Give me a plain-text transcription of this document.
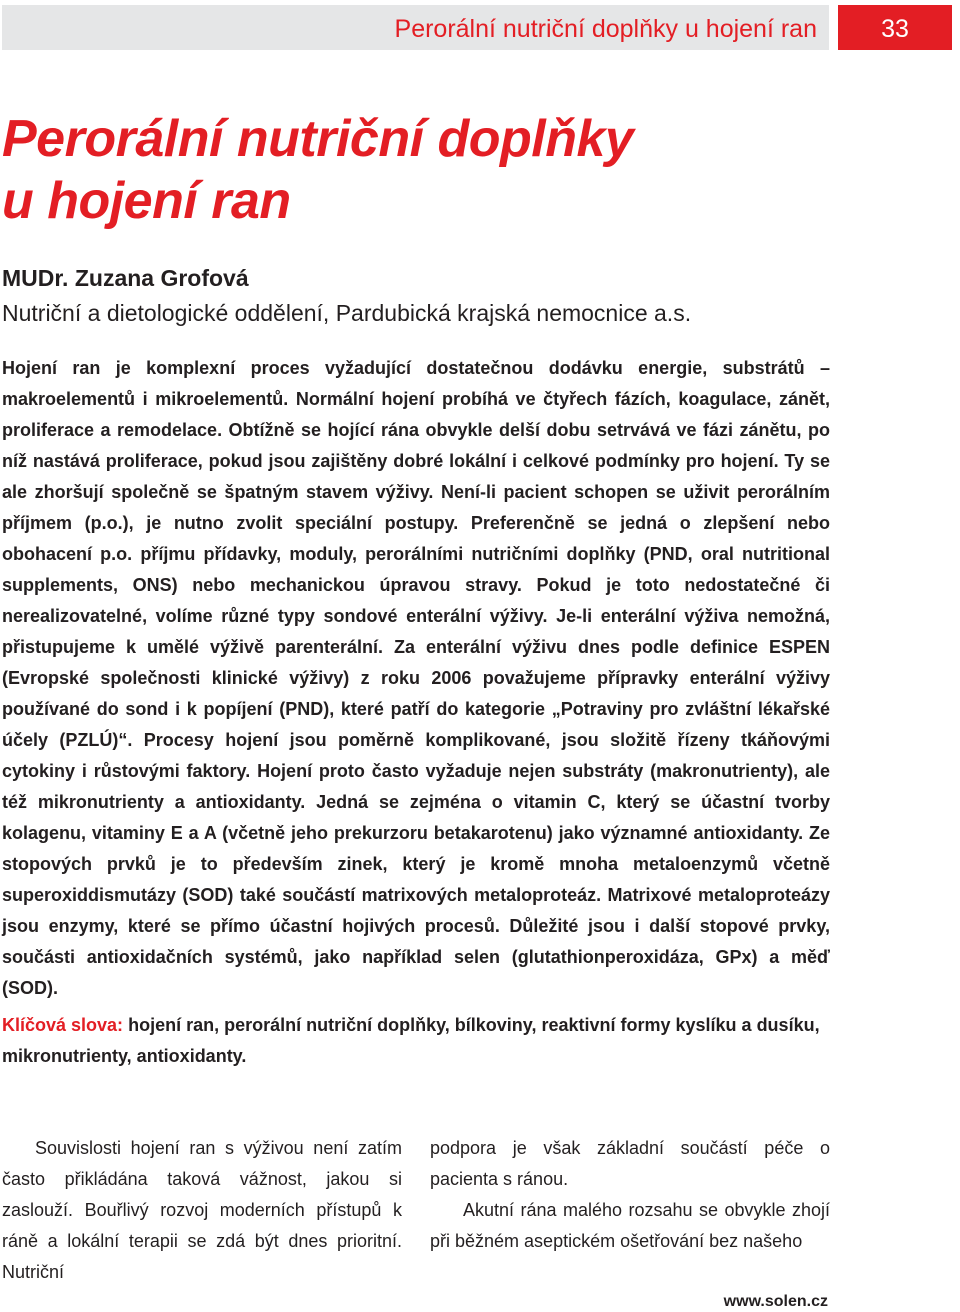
Perorální nutriční doplňky u hojení ran	33
Perorální nutriční doplňky
u hojení ran
MUDr. Zuzana Grofová
Nutriční a dietologické oddělení, Pardubická krajská nemocnice a.s.

Hojení ran je komplexní proces vyžadující dostatečnou dodávku energie, substrátů – makroelementů i mikroelementů. Normální hojení probíhá ve čtyřech fázích, koagulace, zánět, proliferace a remodelace. Obtížně se hojící rána obvykle delší dobu setrvává ve fázi zánětu, po níž nastává proliferace, pokud jsou zajištěny dobré lokální i celkové podmínky pro hojení. Ty se ale zhoršují společně se špatným stavem výživy. Není-li pacient schopen se uživit perorálním příjmem (p.o.), je nutno zvolit speciální postupy. Preferenčně se jedná o zlepšení nebo obohacení p.o. příjmu přídavky, moduly, perorálními nutričními doplňky (PND, oral nutritional supplements, ONS) nebo mechanickou úpravou stravy. Pokud je toto nedostatečné či nerealizovatelné, volíme různé typy sondové enterální výživy. Je-li enterální výživa nemožná, přistupujeme k umělé výživě parenterální. Za enterální výživu dnes podle definice ESPEN (Evropské společnosti klinické výživy) z roku 2006 považujeme přípravky enterální výživy používané do sond i k popíjení (PND), které patří do kategorie „Potraviny pro zvláštní lékařské účely (PZLÚ)“. Procesy hojení jsou poměrně komplikované, jsou složitě řízeny tkáňovými cytokiny i růstovými faktory. Hojení proto často vyžaduje nejen substráty (makronutrienty), ale též mikronutrienty a antioxidanty. Jedná se zejména o vitamin C, který se účastní tvorby kolagenu, vitaminy E a A (včetně jeho prekurzoru betakarotenu) jako významné antioxidanty. Ze stopových prvků je to především zinek, který je kromě mnoha metaloenzymů včetně superoxiddismutázy (SOD) také součástí matrixových metaloproteáz. Matrixové metaloproteázy jsou enzymy, které se přímo účastní hojivých procesů. Důležité jsou i další stopové prvky, součásti antioxidačních systémů, jako například selen (glutathionperoxidáza, GPx) a měď (SOD).

Klíčová slova: hojení ran, perorální nutriční doplňky, bílkoviny, reaktivní formy kyslíku a dusíku, mikronutrienty, antioxidanty.

Souvislosti hojení ran s výživou není zatím často přikládána taková vážnost, jakou si zaslouží. Bouřlivý rozvoj moderních přístupů k ráně a lokální terapii se zdá být dnes prioritní. Nutriční

podpora je však základní součástí péče o pacienta s ránou.

Akutní rána malého rozsahu se obvykle zhojí při běžném aseptickém ošetřování bez našeho

www.solen.cz
